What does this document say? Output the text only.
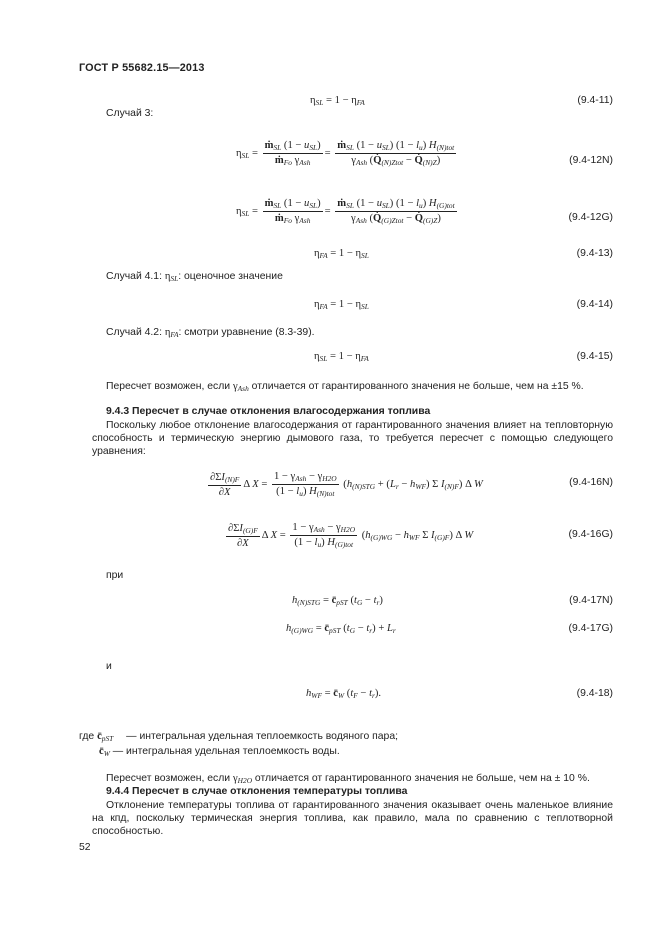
ГОСТ Р 55682.15—2013
$\eta_{SL} = 1 - \eta_{FA}$	(9.4-11)
Случай 3:
$\eta_{SL} = \frac{ṁ_{SL} (1 - u_{SL})}{ṁ_{Fo} \gamma_{Ash}} = \frac{ṁ_{SL} (1 - u_{SL}) (1 - l_u) H_{(N)tot}}{\gamma_{Ash} (Q̇_{(N)Ztot} - Q̇_{(N)Z})}$	(9.4-12N)
$\eta_{SL} = \frac{ṁ_{SL} (1 - u_{SL})}{ṁ_{Fo} \gamma_{Ash}} = \frac{ṁ_{SL} (1 - u_{SL}) (1 - l_u) H_{(G)tot}}{\gamma_{Ash} (Q̇_{(G)Ztot} - Q̇_{(G)Z})}$	(9.4-12G)
$\eta_{FA} = 1 - \eta_{SL}$	(9.4-13)
Случай 4.1: $\eta_{SL}$: оценочное значение
$\eta_{FA} = 1 - \eta_{SL}$	(9.4-14)
Случай 4.2: $\eta_{FA}$: смотри уравнение (8.3-39).
$\eta_{SL} = 1 - \eta_{FA}$	(9.4-15)
Пересчет возможен, если $\gamma_{Ash}$ отличается от гарантированного значения не больше, чем на ±15 %.
9.4.3 Пересчет в случае отклонения влагосодержания топлива
Поскольку любое отклонение влагосодержания от гарантированного значения влияет на тепловторную способность и термическую энергию дымового газа, то требуется пересчет с помощью следующего уравнения:
$\frac{\partial\Sigma I_{(N)F}}{\partial X}$ Δ $X = \frac{1 - \gamma_{Ash} - \gamma_{H2O}}{(1 - l_u) H_{(N)tot}} (h_{(N)STG} + (L_r - h_{WF})$ Σ $I_{(N)F}$) Δ W	(9.4-16N)
$\frac{\partial\Sigma I_{(G)F}}{\partial X}$ Δ $X = \frac{1 - \gamma_{Ash} - \gamma_{H2O}}{(1 - l_u) H_{(G)tot}} (h_{(G)WG} - h_{WF}$ Σ $I_{(G)F}$) Δ W	(9.4-16G)
при
$h_{(N)STG}$ = $c̄_{pST}$ $(t_G - t_r)$	(9.4-17N)
$h_{(G)WG}$ = $c̄_{pST}$ $(t_G - t_r) + L_r$	(9.4-17G)
и
$h_{WF}$ = $c̄_W$ $(t_F - t_r)$.	(9.4-18)
где $c̄_{pST}$ — интегральная удельная теплоемкость водяного пара;
$c̄_W$ — интегральная удельная теплоемкость воды.
Пересчет возможен, если $\gamma_{H2O}$ отличается от гарантированного значения не больше, чем на ± 10 %.
9.4.4 Пересчет в случае отклонения температуры топлива
Отклонение температуры топлива от гарантированного значения оказывает очень маленькое влияние на кпд, поскольку термическая энергия топлива, как правило, мала по сравнению с теплотворной способностью.
52
